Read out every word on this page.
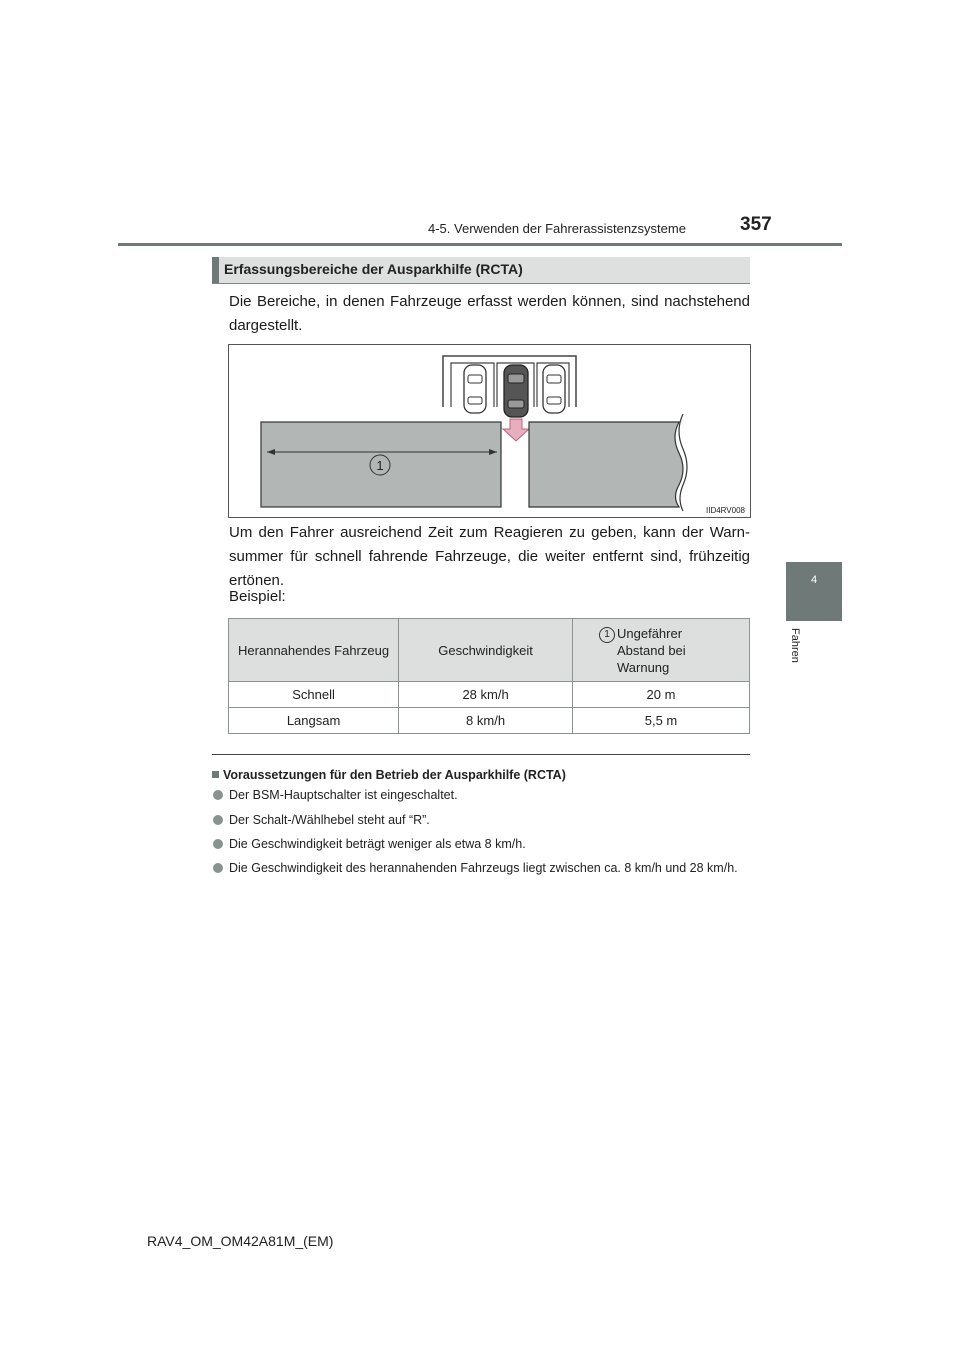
4-5. Verwenden der Fahrerassistenzsysteme	357
4
Fahren
Erfassungsbereiche der Ausparkhilfe (RCTA)
Die Bereiche, in denen Fahrzeuge erfasst werden können, sind nachstehend dargestellt.
1
IID4RV008
Um den Fahrer ausreichend Zeit zum Reagieren zu geben, kann der Warn- summer für schnell fahrende Fahrzeuge, die weiter entfernt sind, frühzeitig ertönen.
Beispiel:
Herannahendes Fahrzeug	Geschwindigkeit	1 Ungefährer Abstand bei Warnung

Schnell	28 km/h	20 m
Langsam	8 km/h	5,5 m
Voraussetzungen für den Betrieb der Ausparkhilfe (RCTA)
Der BSM-Hauptschalter ist eingeschaltet.
Der Schalt-/Wählhebel steht auf “R”.
Die Geschwindigkeit beträgt weniger als etwa 8 km/h.
Die Geschwindigkeit des herannahenden Fahrzeugs liegt zwischen ca. 8 km/h und 28 km/h.
RAV4_OM_OM42A81M_(EM)
